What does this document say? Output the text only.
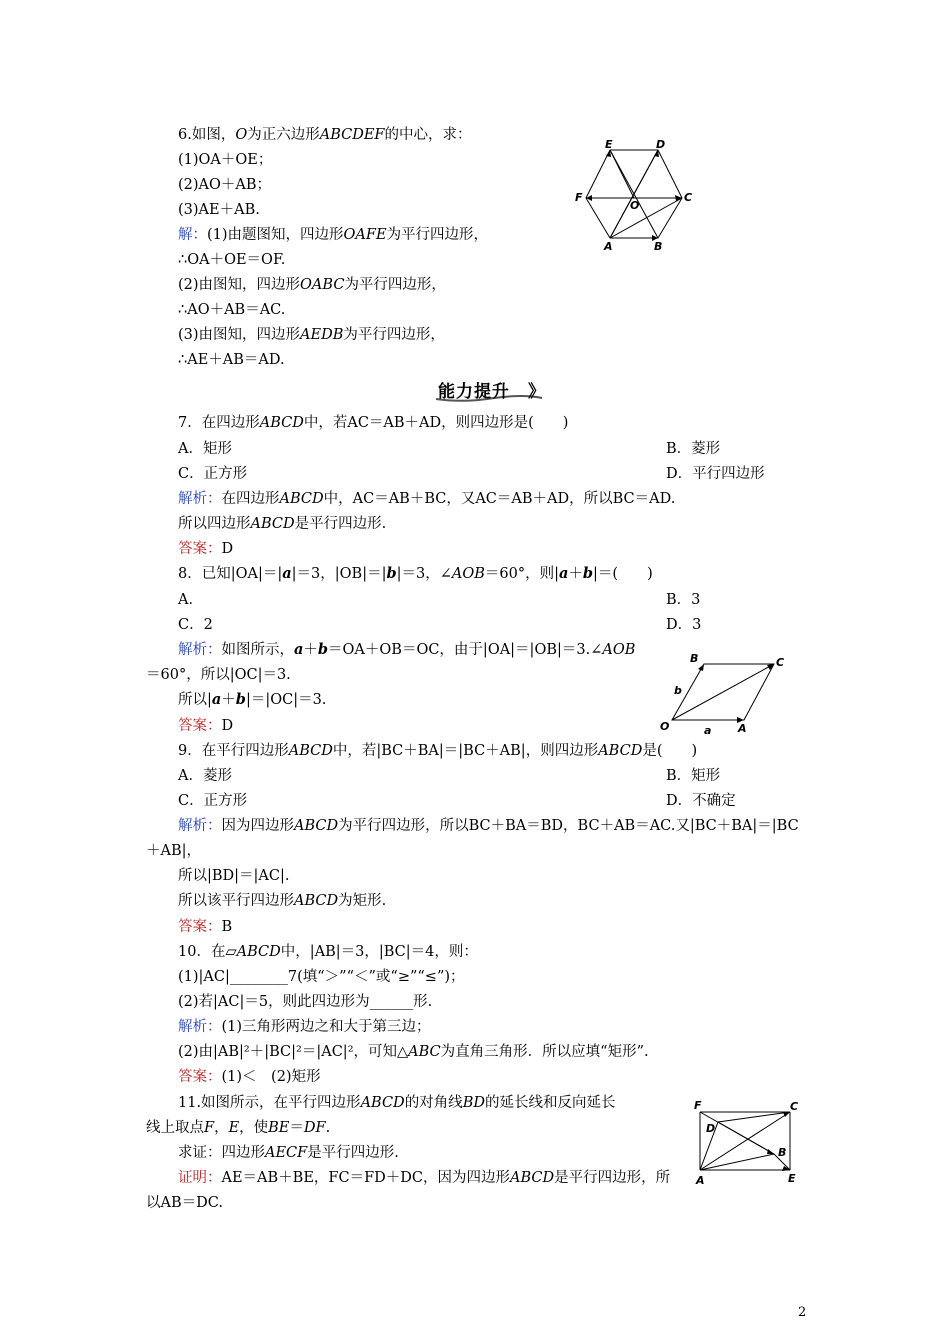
6.如图，O为正六边形ABCDEF的中心，求：
(1)OA＋OE；
(2)AO＋AB；
(3)AE＋AB.
解：(1)由题图知，四边形OAFE为平行四边形，
∴OA＋OE＝OF.
(2)由图知，四边形OABC为平行四边形，
∴AO＋AB＝AC.
(3)由图知，四边形AEDB为平行四边形，
∴AE＋AB＝AD.
E	D
F	C
O
A	B
能力提升 》
7．在四边形ABCD中，若AC＝AB＋AD，则四边形是(　　)
A．矩形	B．菱形
C．正方形	D．平行四边形
解析：在四边形ABCD中，AC＝AB＋BC，又AC＝AB＋AD，所以BC＝AD.
所以四边形ABCD是平行四边形.
答案：D
8．已知|OA|＝|a|＝3，|OB|＝|b|＝3，∠AOB＝60°，则|a＋b|＝(　　)
A．	B．3
C．2	D．3
解析：如图所示，a＋b＝OA＋OB＝OC，由于|OA|＝|OB|＝3.∠AOB
＝60°，所以|OC|＝3.
所以|a＋b|＝|OC|＝3.
答案：D
B	C
b
O	a A
9．在平行四边形ABCD中，若|BC＋BA|＝|BC＋AB|，则四边形ABCD是(　　)
A．菱形	B．矩形
C．正方形	D．不确定
解析：因为四边形ABCD为平行四边形，所以BC＋BA＝BD，BC＋AB＝AC.又|BC＋BA|＝|BC
＋AB|，
所以|BD|＝|AC|.
所以该平行四边形ABCD为矩形.
答案：B
10．在▱ABCD中，|AB|＝3，|BC|＝4，则：
(1)|AC|________7(填“＞”“＜”或“≥”“≤”)；
(2)若|AC|＝5，则此四边形为______形.
解析：(1)三角形两边之和大于第三边；
(2)由|AB|²＋|BC|²＝|AC|²，可知△ABC为直角三角形．所以应填“矩形”.
答案：(1)＜　(2)矩形
11.如图所示，在平行四边形ABCD的对角线BD的延长线和反向延长
线上取点F，E，使BE＝DF.
求证：四边形AECF是平行四边形.
证明：AE＝AB＋BE，FC＝FD＋DC，因为四边形ABCD是平行四边形，所
以AB＝DC.
F	C
D
B
A	E
2
